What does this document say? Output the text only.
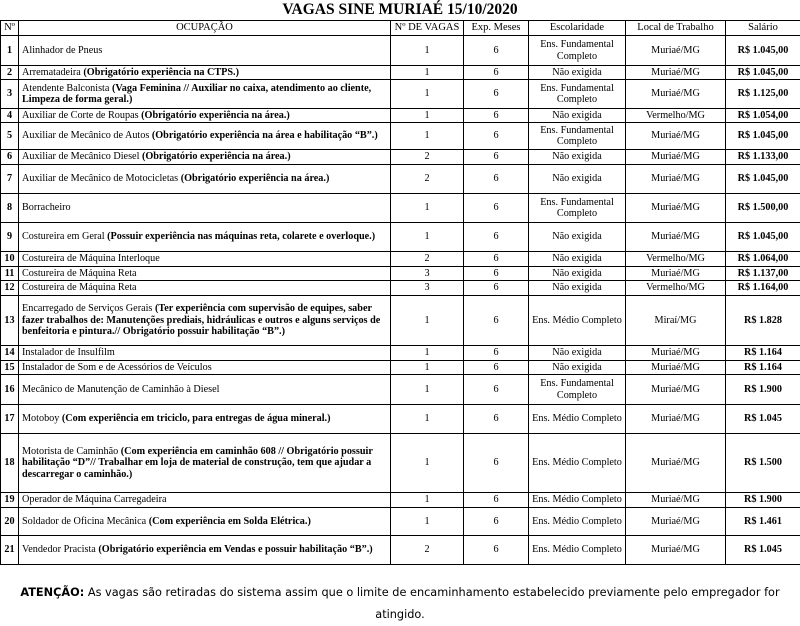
VAGAS SINE MURIAÉ 15/10/2020
Nº	OCUPAÇÃO	Nº DE VAGAS	Exp. Meses	Escolaridade	Local de Trabalho	Salário
1	Alinhador de Pneus	1	6	Ens. Fundamental Completo	Muriaé/MG	R$ 1.045,00
2	Arrematadeira (Obrigatório experiência na CTPS.)	1	6	Não exigida	Muriaé/MG	R$ 1.045,00
3	Atendente Balconista (Vaga Feminina // Auxiliar no caixa, atendimento ao cliente, Limpeza de forma geral.)	1	6	Ens. Fundamental Completo	Muriaé/MG	R$ 1.125,00
4	Auxiliar de Corte de Roupas (Obrigatório experiência na área.)	1	6	Não exigida	Vermelho/MG	R$ 1.054,00
5	Auxiliar de Mecânico de Autos (Obrigatório experiência na área e habilitação “B”.)	1	6	Ens. Fundamental Completo	Muriaé/MG	R$ 1.045,00
6	Auxiliar de Mecânico Diesel (Obrigatório experiência na área.)	2	6	Não exigida	Muriaé/MG	R$ 1.133,00
7	Auxiliar de Mecânico de Motocicletas (Obrigatório experiência na área.)	2	6	Não exigida	Muriaé/MG	R$ 1.045,00
8	Borracheiro	1	6	Ens. Fundamental Completo	Muriaé/MG	R$ 1.500,00
9	Costureira em Geral (Possuir experiência nas máquinas reta, colarete e overloque.)	1	6	Não exigida	Muriaé/MG	R$ 1.045,00
10	Costureira de Máquina Interloque	2	6	Não exigida	Vermelho/MG	R$ 1.064,00
11	Costureira de Máquina Reta	3	6	Não exigida	Muriaé/MG	R$ 1.137,00
12	Costureira de Máquina Reta	3	6	Não exigida	Vermelho/MG	R$ 1.164,00
13	Encarregado de Serviços Gerais (Ter experiência com supervisão de equipes, saber fazer trabalhos de: Manutenções prediais, hidráulicas e outros e alguns serviços de benfeitoria e pintura.// Obrigatório possuir habilitação “B”.)	1	6	Ens. Médio Completo	Miraí/MG	R$ 1.828
14	Instalador de Insulfilm	1	6	Não exigida	Muriaé/MG	R$ 1.164
15	Instalador de Som e de Acessórios de Veículos	1	6	Não exigida	Muriaé/MG	R$ 1.164
16	Mecânico de Manutenção de Caminhão à Diesel	1	6	Ens. Fundamental Completo	Muriaé/MG	R$ 1.900
17	Motoboy (Com experiência em triciclo, para entregas de água mineral.)	1	6	Ens. Médio Completo	Muriaé/MG	R$ 1.045
18	Motorista de Caminhão (Com experiência em caminhão 608 // Obrigatório possuir habilitação “D”// Trabalhar em loja de material de construção, tem que ajudar a descarregar o caminhão.)	1	6	Ens. Médio Completo	Muriaé/MG	R$ 1.500
19	Operador de Máquina Carregadeira	1	6	Ens. Médio Completo	Muriaé/MG	R$ 1.900
20	Soldador de Oficina Mecânica (Com experiência em Solda Elétrica.)	1	6	Ens. Médio Completo	Muriaé/MG	R$ 1.461
21	Vendedor Pracista (Obrigatório experiência em Vendas e possuir habilitação “B”.)	2	6	Ens. Médio Completo	Muriaé/MG	R$ 1.045
ATENÇÃO: As vagas são retiradas do sistema assim que o limite de encaminhamento estabelecido previamente pelo empregador for atingido.
